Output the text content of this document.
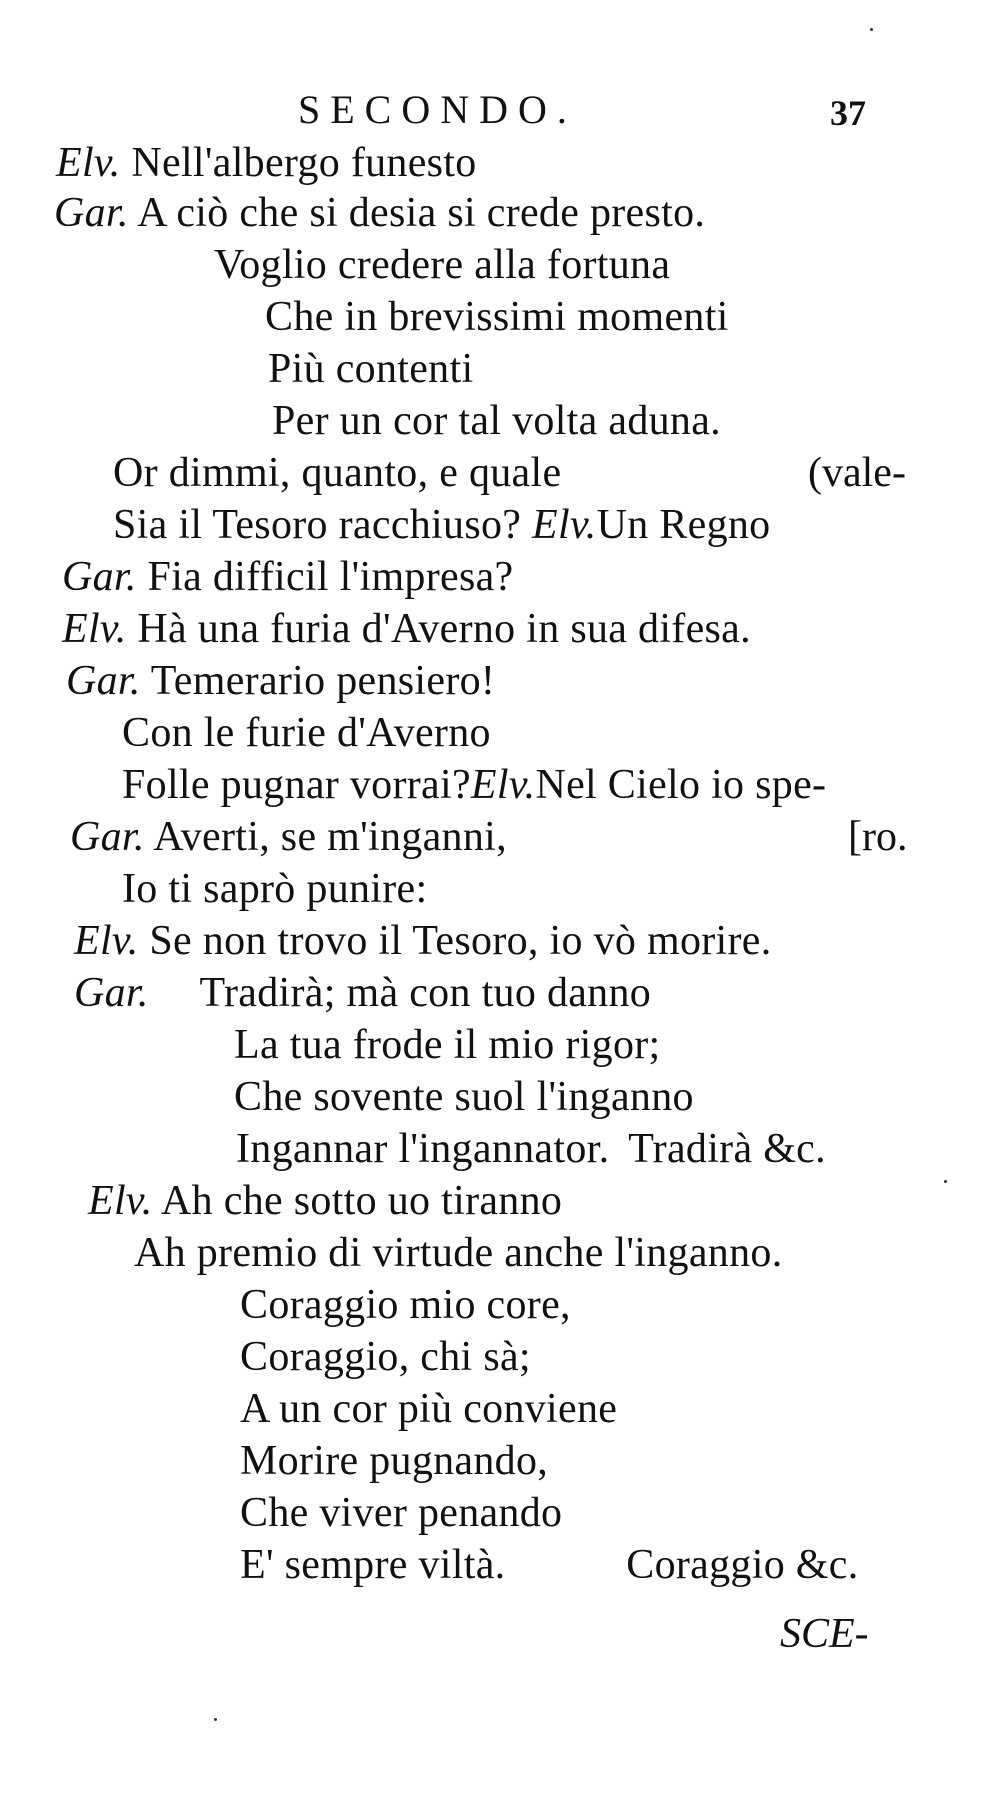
SECONDO.	37
Elv. Nell'albergo funesto
Gar. A ciò che si desia si crede presto.
Voglio credere alla fortuna
Che in brevissimi momenti
Più contenti
Per un cor tal volta aduna.
Or dimmi, quanto, e quale	(vale-
Sia il Tesoro racchiuso? Elv.Un Regno
Gar. Fia difficil l'impresa?
Elv. Hà una furia d'Averno in sua difesa.
Gar. Temerario pensiero!
Con le furie d'Averno
Folle pugnar vorrai?Elv.Nel Cielo io spe-
Gar. Averti, se m'inganni,	[ro.
Io ti saprò punire:
Elv. Se non trovo il Tesoro, io vò morire.
Gar. Tradirà; mà con tuo danno
La tua frode il mio rigor;
Che sovente suol l'inganno
Ingannar l'ingannator. Tradirà &c.
Elv. Ah che sotto uo tiranno
Ah premio di virtude anche l'inganno.
Coraggio mio core,
Coraggio, chi sà;
A un cor più conviene
Morire pugnando,
Che viver penando
E' sempre viltà.	Coraggio &c.
SCE-
